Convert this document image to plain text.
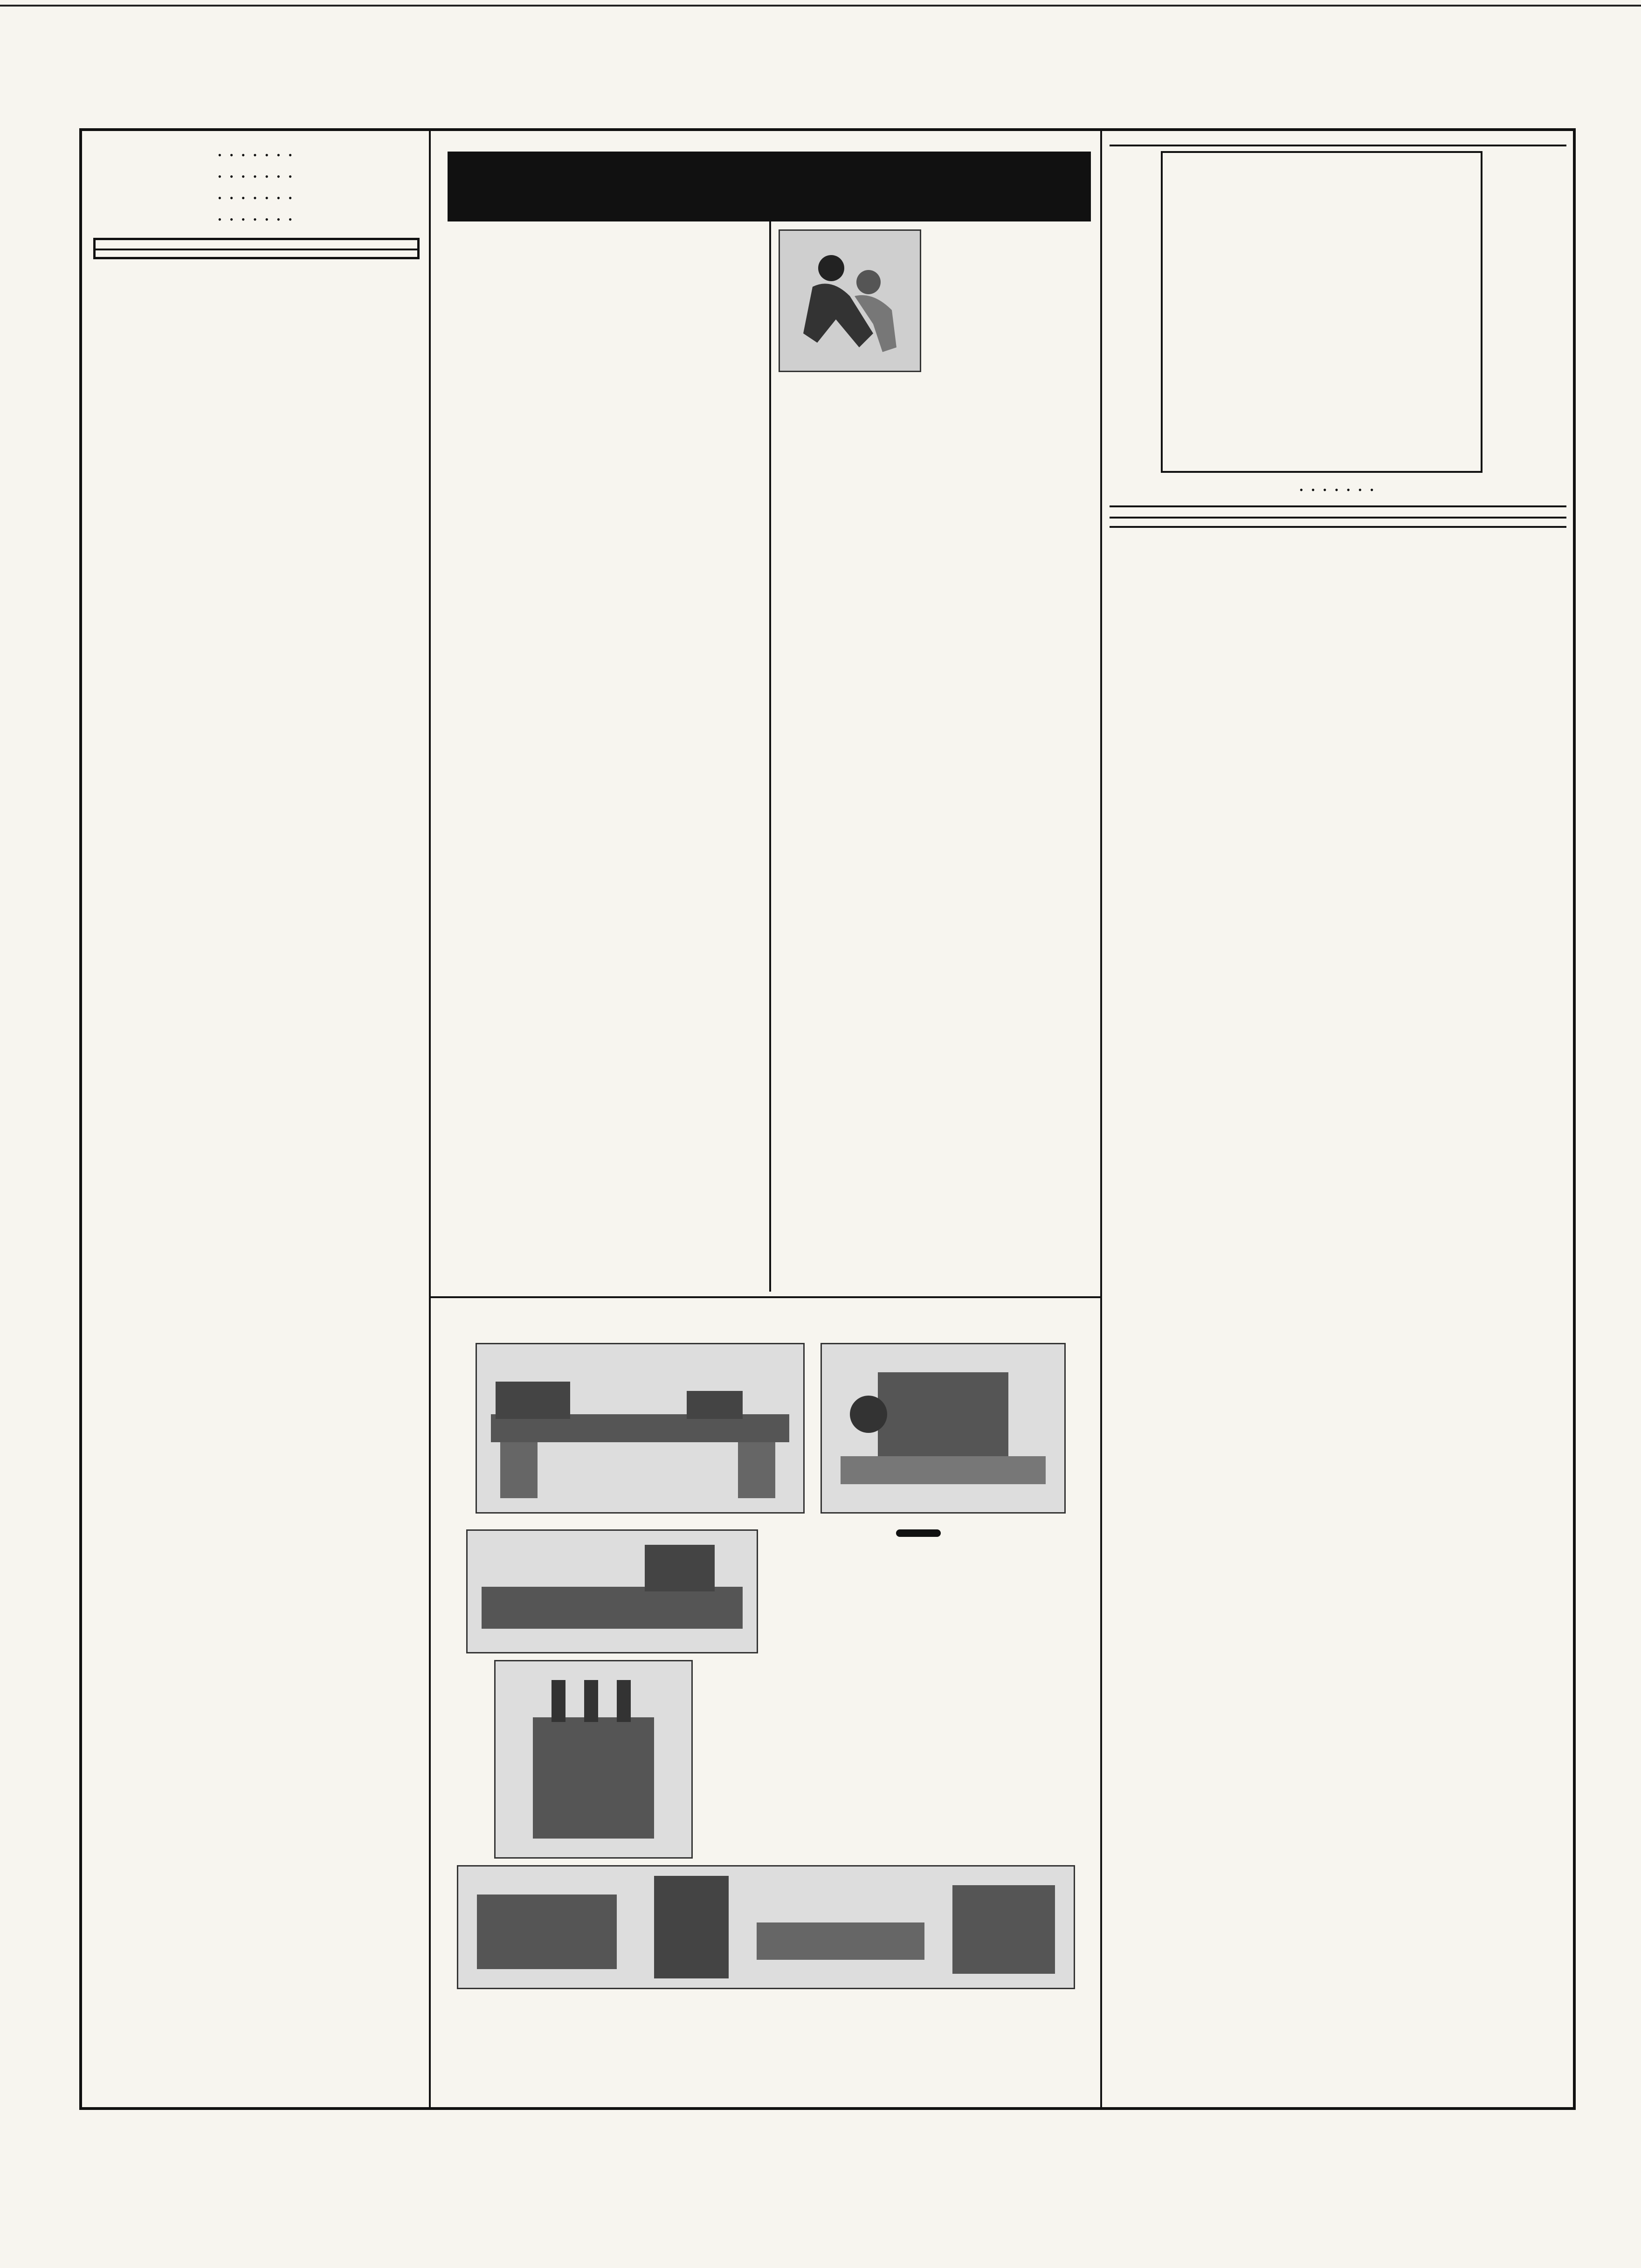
• • • • • • •

• • • • • • •

• • • • • • •

• • • • • • •

• • • • • • •
